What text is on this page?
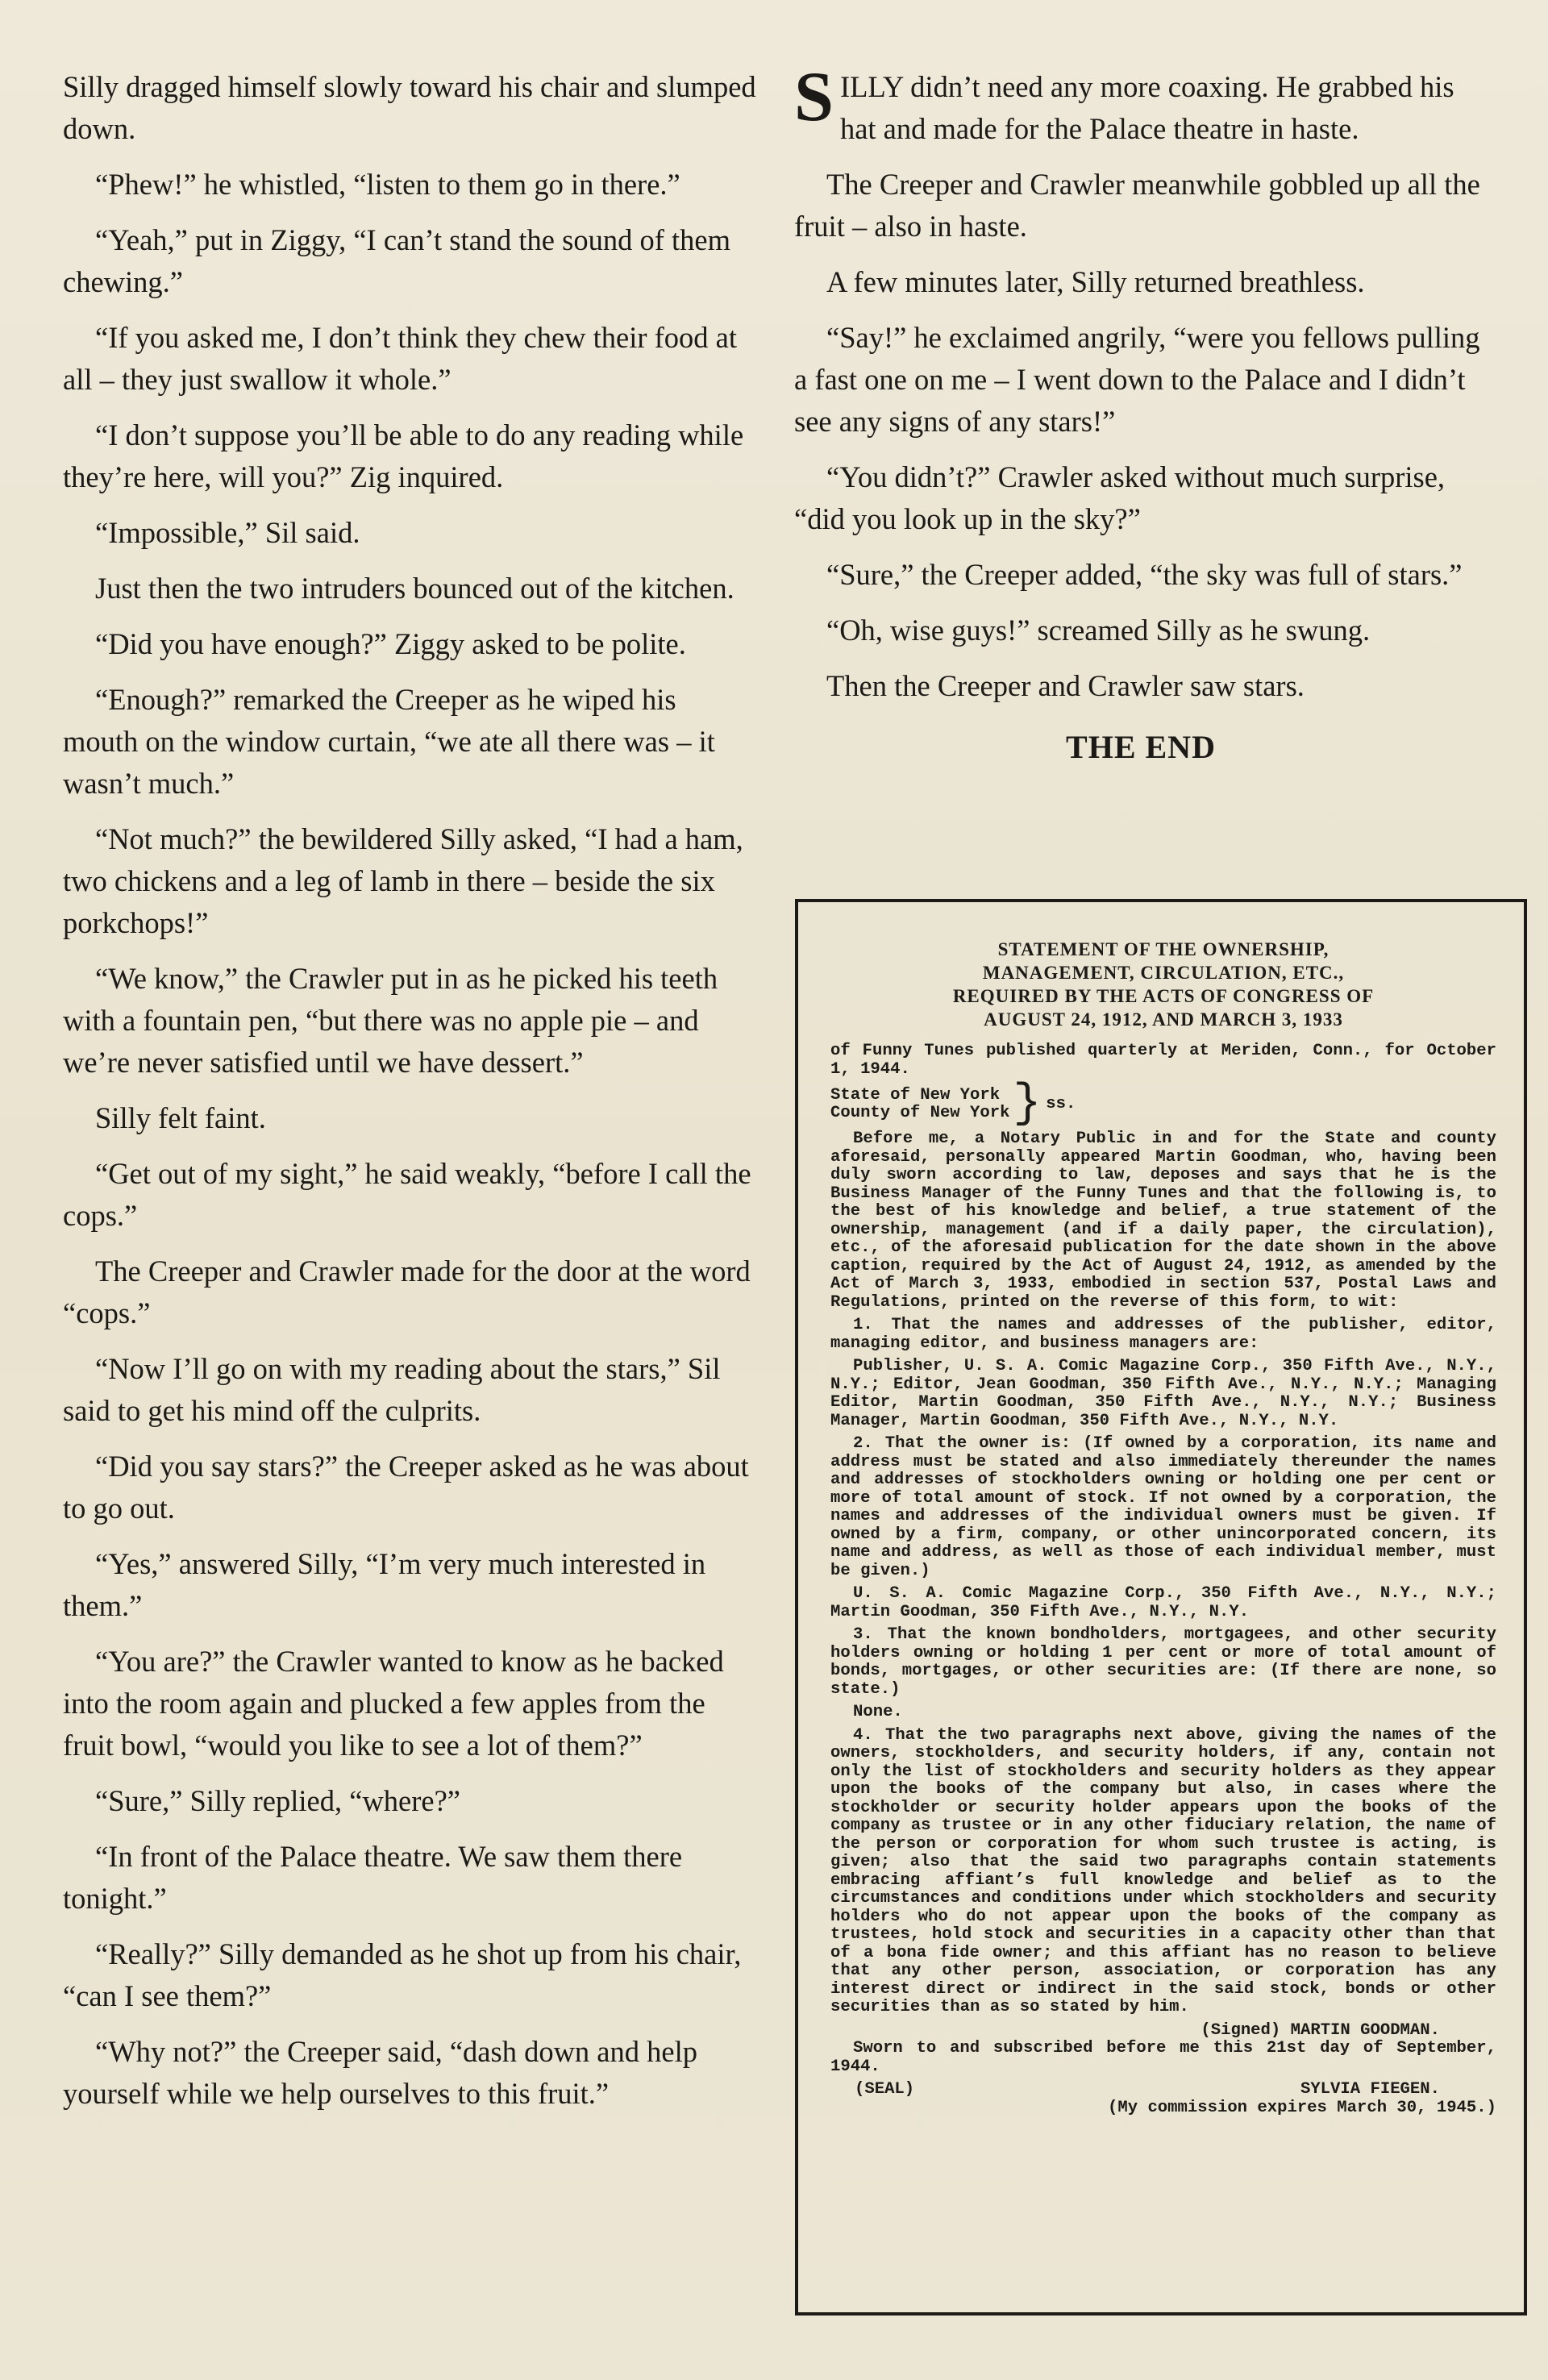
Silly dragged himself slowly toward his chair and slumped down.

“Phew!” he whistled, “listen to them go in there.”

“Yeah,” put in Ziggy, “I can’t stand the sound of them chewing.”

“If you asked me, I don’t think they chew their food at all – they just swallow it whole.”

“I don’t suppose you’ll be able to do any reading while they’re here, will you?” Zig inquired.

“Impossible,” Sil said.

Just then the two intruders bounced out of the kitchen.

“Did you have enough?” Ziggy asked to be polite.

“Enough?” remarked the Creeper as he wiped his mouth on the window curtain, “we ate all there was – it wasn’t much.”

“Not much?” the bewildered Silly asked, “I had a ham, two chickens and a leg of lamb in there – beside the six porkchops!”

“We know,” the Crawler put in as he picked his teeth with a fountain pen, “but there was no apple pie – and we’re never satisfied until we have dessert.”

Silly felt faint.

“Get out of my sight,” he said weakly, “before I call the cops.”

The Creeper and Crawler made for the door at the word “cops.”

“Now I’ll go on with my reading about the stars,” Sil said to get his mind off the culprits.

“Did you say stars?” the Creeper asked as he was about to go out.

“Yes,” answered Silly, “I’m very much interested in them.”

“You are?” the Crawler wanted to know as he backed into the room again and plucked a few apples from the fruit bowl, “would you like to see a lot of them?”

“Sure,” Silly replied, “where?”

“In front of the Palace theatre. We saw them there tonight.”

“Really?” Silly demanded as he shot up from his chair, “can I see them?”

“Why not?” the Creeper said, “dash down and help yourself while we help ourselves to this fruit.”

SILLY didn’t need any more coaxing. He grabbed his hat and made for the Palace theatre in haste.

The Creeper and Crawler meanwhile gobbled up all the fruit – also in haste.

A few minutes later, Silly returned breathless.

“Say!” he exclaimed angrily, “were you fellows pulling a fast one on me – I went down to the Palace and I didn’t see any signs of any stars!”

“You didn’t?” Crawler asked without much surprise, “did you look up in the sky?”

“Sure,” the Creeper added, “the sky was full of stars.”

“Oh, wise guys!” screamed Silly as he swung.

Then the Creeper and Crawler saw stars.

THE END

STATEMENT OF THE OWNERSHIP,
MANAGEMENT, CIRCULATION, ETC.,
REQUIRED BY THE ACTS OF CONGRESS OF
AUGUST 24, 1912, AND MARCH 3, 1933

of Funny Tunes published quarterly at Meriden, Conn., for October 1, 1944.

State of New York
County of New York } ss.

Before me, a Notary Public in and for the State and county aforesaid, personally appeared Martin Goodman, who, having been duly sworn according to law, deposes and says that he is the Business Manager of the Funny Tunes and that the following is, to the best of his knowledge and belief, a true statement of the ownership, management (and if a daily paper, the circulation), etc., of the aforesaid publication for the date shown in the above caption, required by the Act of August 24, 1912, as amended by the Act of March 3, 1933, embodied in section 537, Postal Laws and Regulations, printed on the reverse of this form, to wit:

1. That the names and addresses of the publisher, editor, managing editor, and business managers are:

Publisher, U. S. A. Comic Magazine Corp., 350 Fifth Ave., N.Y., N.Y.; Editor, Jean Goodman, 350 Fifth Ave., N.Y., N.Y.; Managing Editor, Martin Goodman, 350 Fifth Ave., N.Y., N.Y.; Business Manager, Martin Goodman, 350 Fifth Ave., N.Y., N.Y.

2. That the owner is: (If owned by a corporation, its name and address must be stated and also immediately thereunder the names and addresses of stockholders owning or holding one per cent or more of total amount of stock. If not owned by a corporation, the names and addresses of the individual owners must be given. If owned by a firm, company, or other unincorporated concern, its name and address, as well as those of each individual member, must be given.)

U. S. A. Comic Magazine Corp., 350 Fifth Ave., N.Y., N.Y.; Martin Goodman, 350 Fifth Ave., N.Y., N.Y.

3. That the known bondholders, mortgagees, and other security holders owning or holding 1 per cent or more of total amount of bonds, mortgages, or other securities are: (If there are none, so state.)

None.

4. That the two paragraphs next above, giving the names of the owners, stockholders, and security holders, if any, contain not only the list of stockholders and security holders as they appear upon the books of the company but also, in cases where the stockholder or security holder appears upon the books of the company as trustee or in any other fiduciary relation, the name of the person or corporation for whom such trustee is acting, is given; also that the said two paragraphs contain statements embracing affiant’s full knowledge and belief as to the circumstances and conditions under which stockholders and security holders who do not appear upon the books of the company as trustees, hold stock and securities in a capacity other than that of a bona fide owner; and this affiant has no reason to believe that any other person, association, or corporation has any interest direct or indirect in the said stock, bonds or other securities than as so stated by him.

(Signed) MARTIN GOODMAN.

Sworn to and subscribed before me this 21st day of September, 1944.

(SEAL)	SYLVIA FIEGEN.
(My commission expires March 30, 1945.)
